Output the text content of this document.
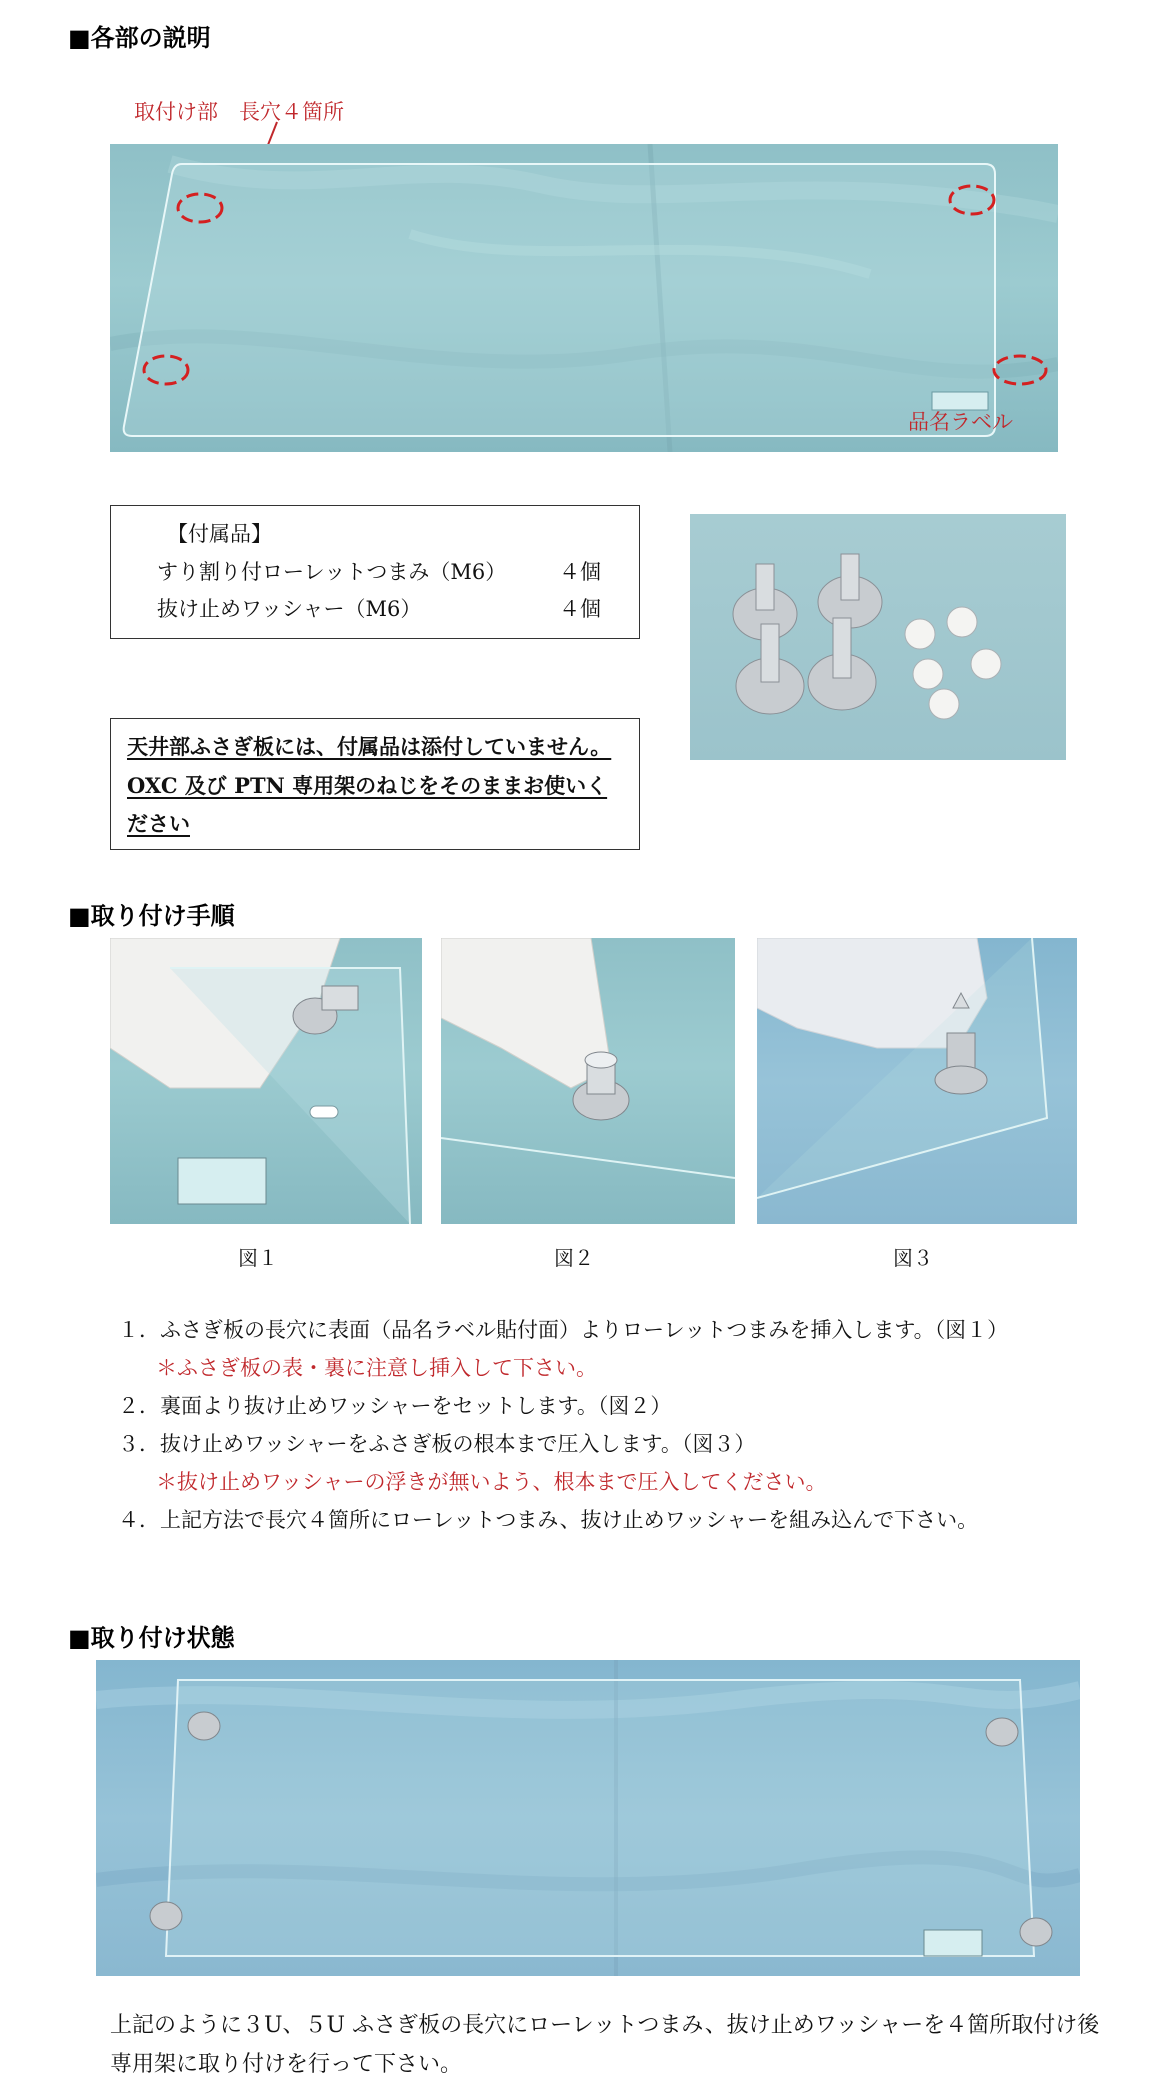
■各部の説明
取付け部　長穴４箇所
品名ラベル
【付属品】
すり割り付ローレットつまみ（M6）	４個
抜け止めワッシャー（M6）	４個
天井部ふさぎ板には、付属品は添付していません。
OXC 及び PTN 専用架のねじをそのままお使いく
ださい
■取り付け手順
図１	図２	図３
１．ふさぎ板の長穴に表面（品名ラベル貼付面）よりローレットつまみを挿入します。（図１）
＊ふさぎ板の表・裏に注意し挿入して下さい。
２．裏面より抜け止めワッシャーをセットします。（図２）
３．抜け止めワッシャーをふさぎ板の根本まで圧入します。（図３）
＊抜け止めワッシャーの浮きが無いよう、根本まで圧入してください。
４．上記方法で長穴４箇所にローレットつまみ、抜け止めワッシャーを組み込んで下さい。
■取り付け状態
上記のように３U、５U ふさぎ板の長穴にローレットつまみ、抜け止めワッシャーを４箇所取付け後
専用架に取り付けを行って下さい。
